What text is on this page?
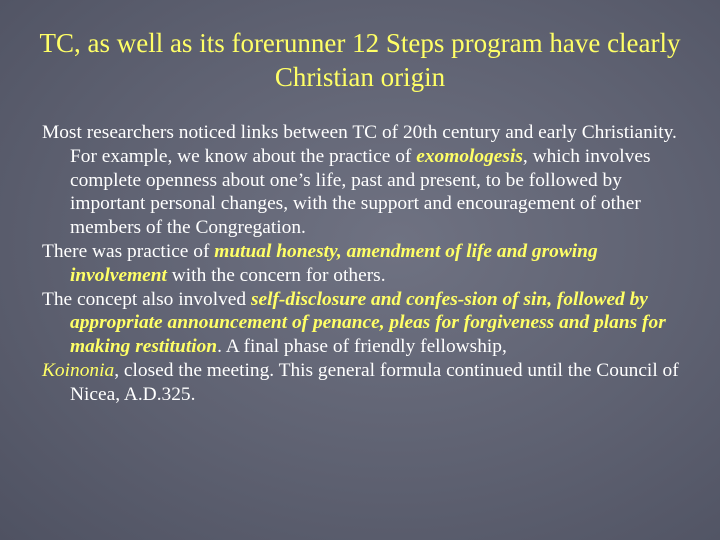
TC, as well as its forerunner 12 Steps program have clearly Christian origin

Most researchers noticed links between TC of 20th century and early Christianity. For example, we know about the practice of exomologesis, which involves complete openness about one’s life, past and present, to be followed by important personal changes, with the support and encouragement of other members of the Congregation.

There was practice of mutual honesty, amendment of life and growing involvement with the concern for others.

The concept also involved self-disclosure and confes-sion of sin, followed by appropriate announcement of penance, pleas for forgiveness and plans for making restitution. A final phase of friendly fellowship,

Koinonia, closed the meeting. This general formula continued until the Council of Nicea, A.D.325.
